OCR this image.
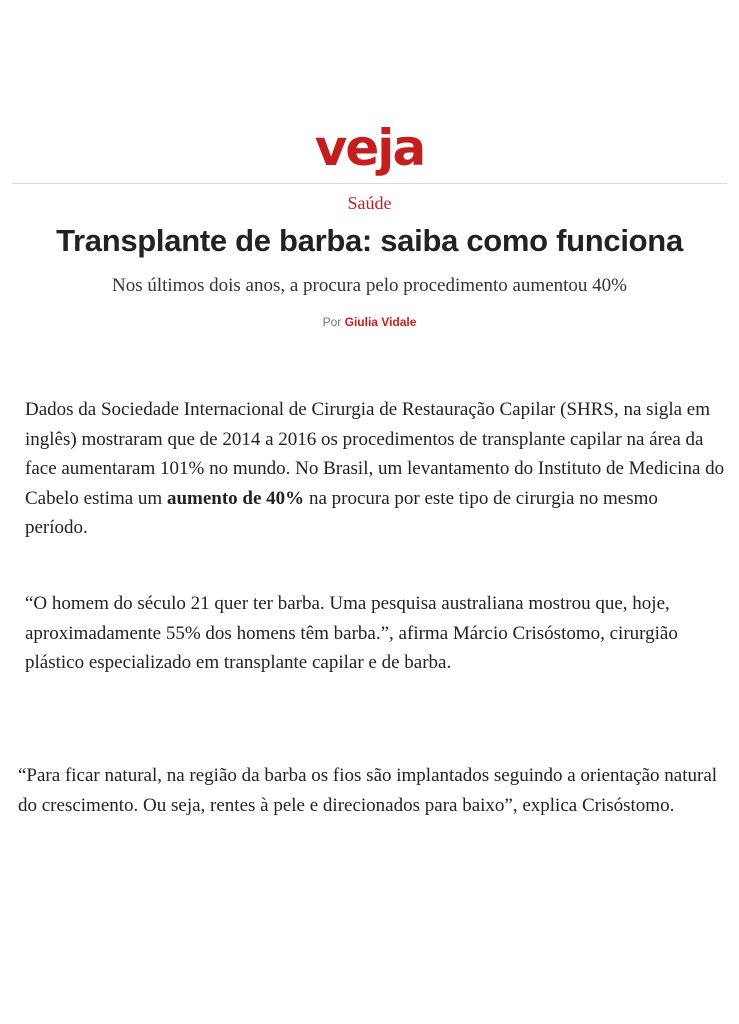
veja
Saúde
Transplante de barba: saiba como funciona
Nos últimos dois anos, a procura pelo procedimento aumentou 40%
Por Giulia Vidale

Dados da Sociedade Internacional de Cirurgia de Restauração Capilar (SHRS, na sigla em inglês) mostraram que de 2014 a 2016 os procedimentos de transplante capilar na área da face aumentaram 101% no mundo. No Brasil, um levantamento do Instituto de Medicina do Cabelo estima um aumento de 40% na procura por este tipo de cirurgia no mesmo período.

“O homem do século 21 quer ter barba. Uma pesquisa australiana mostrou que, hoje, aproximadamente 55% dos homens têm barba.”, afirma Márcio Crisóstomo, cirurgião plástico especializado em transplante capilar e de barba.

“Para ficar natural, na região da barba os fios são implantados seguindo a orientação natural do crescimento. Ou seja, rentes à pele e direcionados para baixo”, explica Crisóstomo.
